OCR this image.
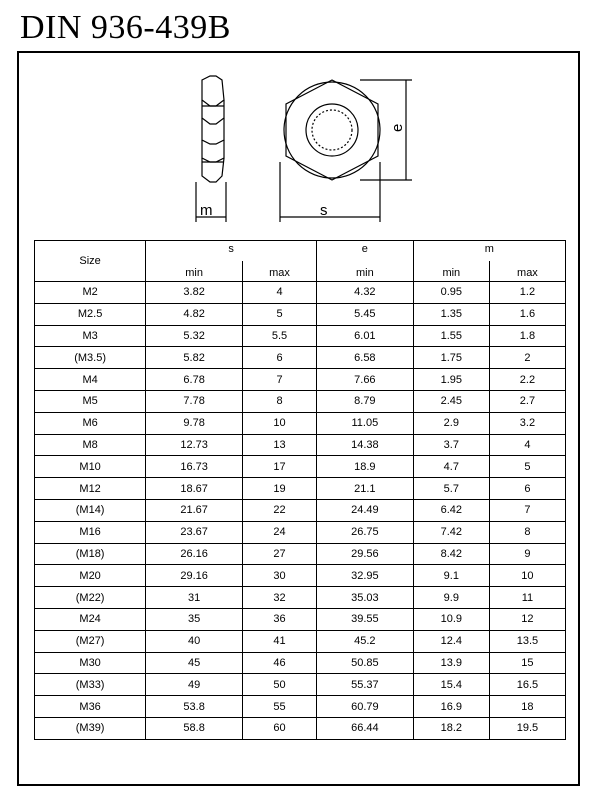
DIN 936-439B
m	s
e
Size	s		e	m	
	min	max	min	min	max
M2	3.82	4	4.32	0.95	1.2
M2.5	4.82	5	5.45	1.35	1.6
M3	5.32	5.5	6.01	1.55	1.8
(M3.5)	5.82	6	6.58	1.75	2
M4	6.78	7	7.66	1.95	2.2
M5	7.78	8	8.79	2.45	2.7
M6	9.78	10	11.05	2.9	3.2
M8	12.73	13	14.38	3.7	4
M10	16.73	17	18.9	4.7	5
M12	18.67	19	21.1	5.7	6
(M14)	21.67	22	24.49	6.42	7
M16	23.67	24	26.75	7.42	8
(M18)	26.16	27	29.56	8.42	9
M20	29.16	30	32.95	9.1	10
(M22)	31	32	35.03	9.9	11
M24	35	36	39.55	10.9	12
(M27)	40	41	45.2	12.4	13.5
M30	45	46	50.85	13.9	15
(M33)	49	50	55.37	15.4	16.5
M36	53.8	55	60.79	16.9	18
(M39)	58.8	60	66.44	18.2	19.5
